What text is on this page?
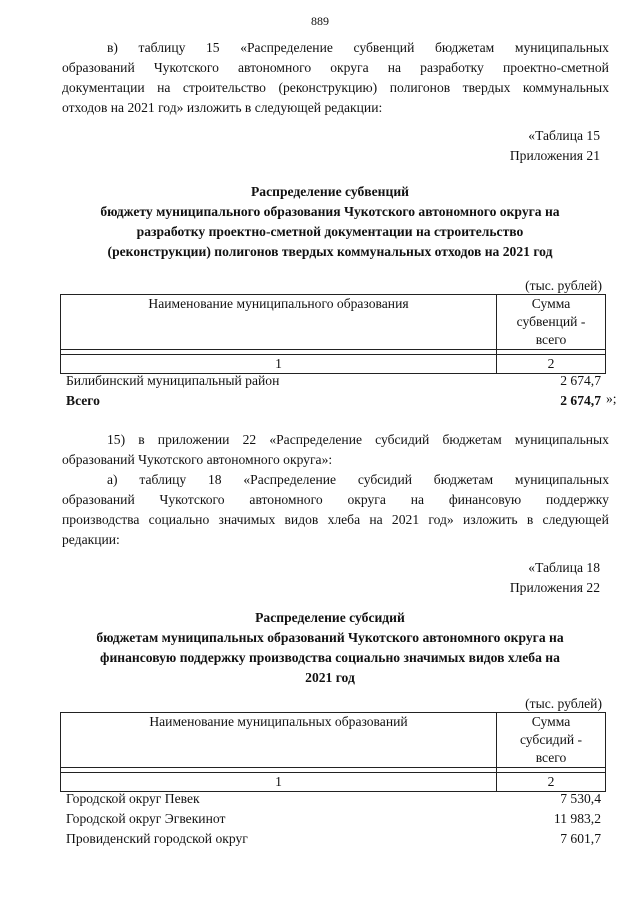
889
в) таблицу 15 «Распределение субвенций бюджетам муниципальных
образований Чукотского автономного округа на разработку проектно-сметной
документации на строительство (реконструкцию) полигонов твердых коммунальных
отходов на 2021 год» изложить в следующей редакции:
«Таблица 15
Приложения 21
Распределение субвенций
бюджету муниципального образования Чукотского автономного округа на
разработку проектно-сметной документации на строительство
(реконструкции) полигонов твердых коммунальных отходов на 2021 год
(тыс. рублей)
Наименование муниципального образования	Сумма
субвенций -
всего

1	2
Билибинский муниципальный район	2 674,7
Всего	2 674,7 »;
15) в приложении 22 «Распределение субсидий бюджетам муниципальных
образований Чукотского автономного округа»:
а) таблицу 18 «Распределение субсидий бюджетам муниципальных
образований Чукотского автономного округа на финансовую поддержку
производства социально значимых видов хлеба на 2021 год» изложить в следующей
редакции:
«Таблица 18
Приложения 22
Распределение субсидий
бюджетам муниципальных образований Чукотского автономного округа на
финансовую поддержку производства социально значимых видов хлеба на
2021 год
(тыс. рублей)
Наименование муниципальных образований	Сумма
субсидий -
всего

1	2
Городской округ Певек	7 530,4
Городской округ Эгвекинот	11 983,2
Провиденский городской округ	7 601,7
